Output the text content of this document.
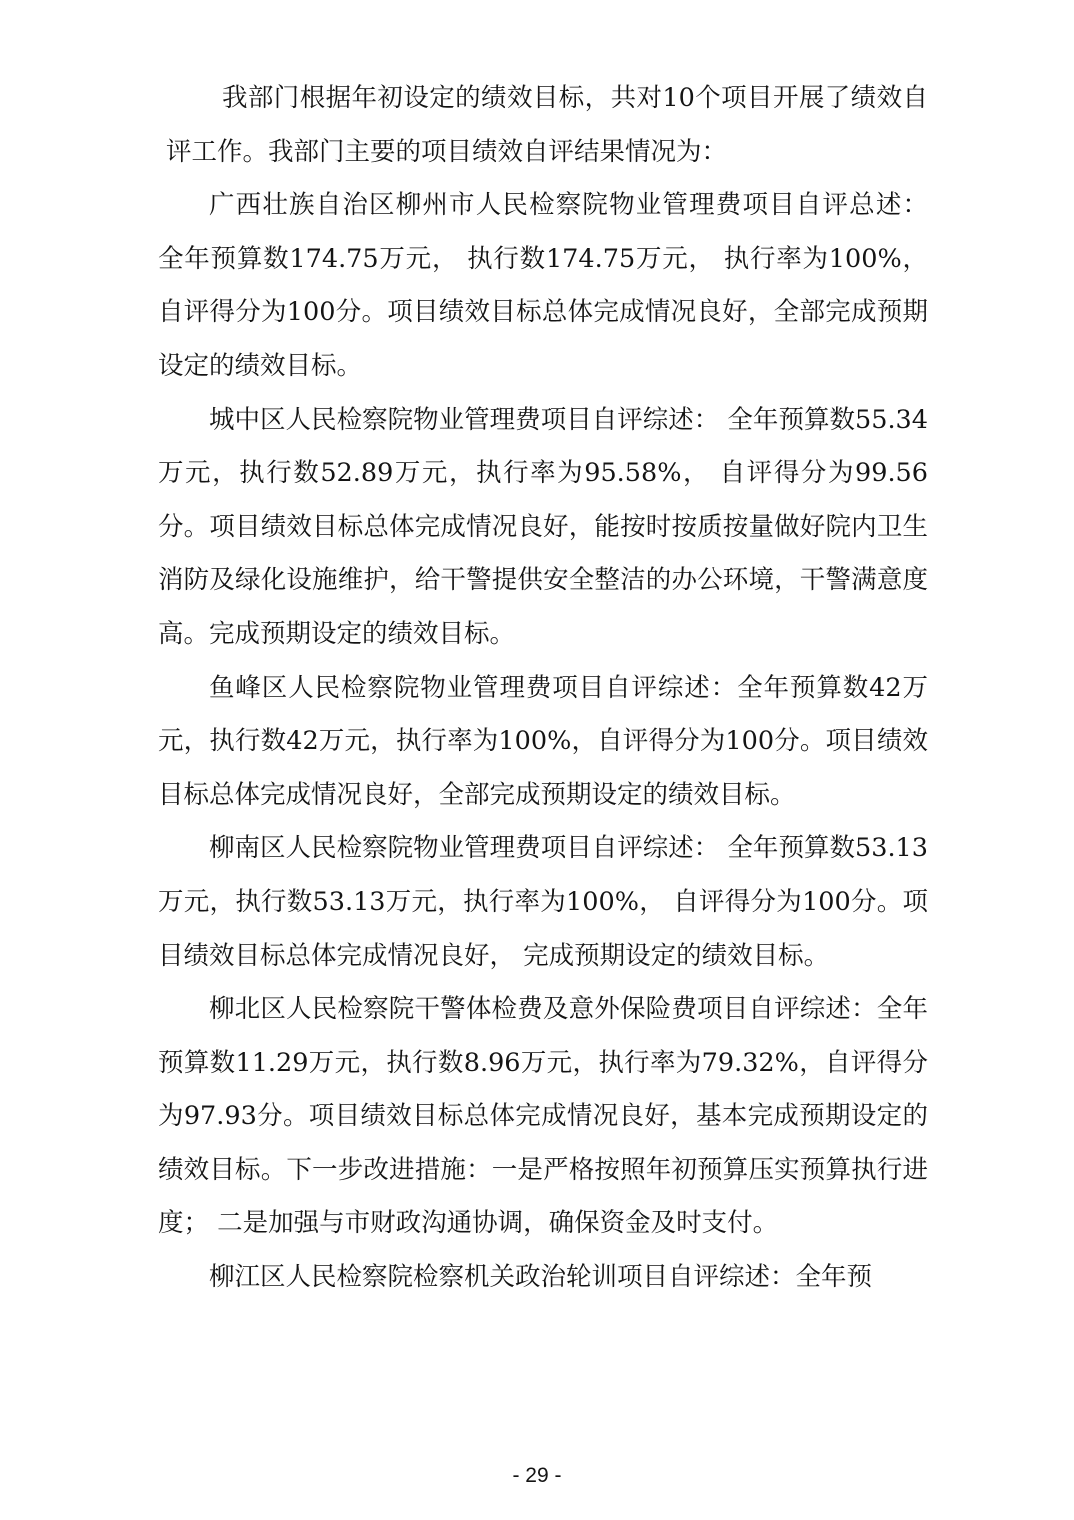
我部门根据年初设定的绩效目标，共对10个项目开展了绩效自评工作。我部门主要的项目绩效自评结果情况为：

广西壮族自治区柳州市人民检察院物业管理费项目自评总述： 全年预算数174.75万元， 执行数174.75万元， 执行率为100%，自评得分为100分。项目绩效目标总体完成情况良好，全部完成预期设定的绩效目标。

城中区人民检察院物业管理费项目自评综述： 全年预算数55.34万元，执行数52.89万元，执行率为95.58%， 自评得分为99.56分。项目绩效目标总体完成情况良好，能按时按质按量做好院内卫生消防及绿化设施维护，给干警提供安全整洁的办公环境，干警满意度高。完成预期设定的绩效目标。

鱼峰区人民检察院物业管理费项目自评综述：全年预算数42万元，执行数42万元，执行率为100%，自评得分为100分。项目绩效目标总体完成情况良好，全部完成预期设定的绩效目标。

柳南区人民检察院物业管理费项目自评综述： 全年预算数53.13万元，执行数53.13万元，执行率为100%， 自评得分为100分。项目绩效目标总体完成情况良好， 完成预期设定的绩效目标。

柳北区人民检察院干警体检费及意外保险费项目自评综述：全年预算数11.29万元，执行数8.96万元，执行率为79.32%，自评得分为97.93分。项目绩效目标总体完成情况良好，基本完成预期设定的绩效目标。下一步改进措施：一是严格按照年初预算压实预算执行进度； 二是加强与市财政沟通协调，确保资金及时支付。

柳江区人民检察院检察机关政治轮训项目自评综述：全年预

- 29 -
